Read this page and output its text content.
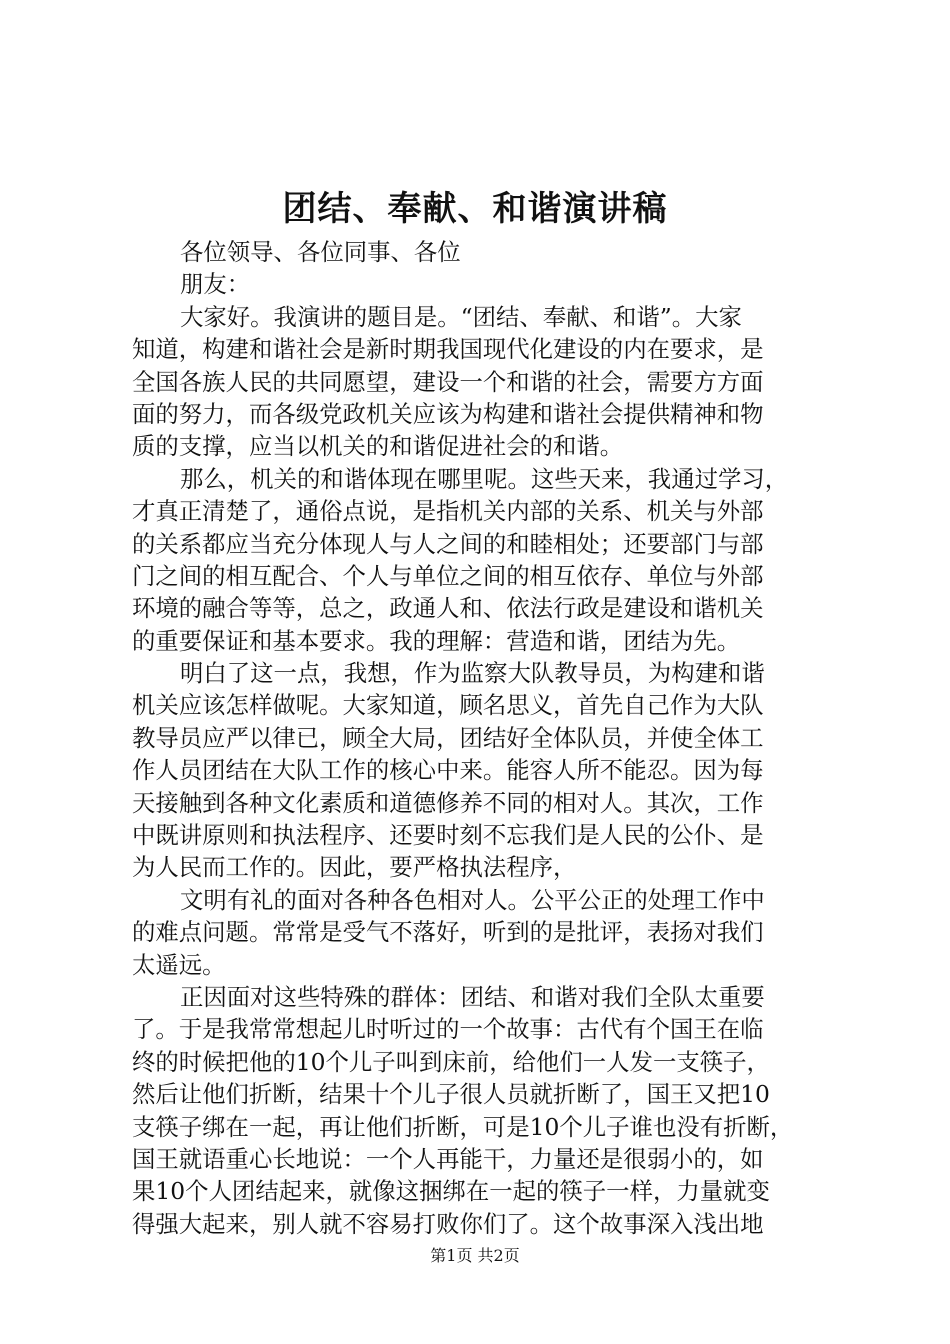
团结、奉献、和谐演讲稿
各位领导、各位同事、各位
朋友：
大家好。我演讲的题目是。“团结、奉献、和谐”。大家
知道，构建和谐社会是新时期我国现代化建设的内在要求，是
全国各族人民的共同愿望，建设一个和谐的社会，需要方方面
面的努力，而各级党政机关应该为构建和谐社会提供精神和物
质的支撑，应当以机关的和谐促进社会的和谐。
那么，机关的和谐体现在哪里呢。这些天来，我通过学习，
才真正清楚了，通俗点说，是指机关内部的关系、机关与外部
的关系都应当充分体现人与人之间的和睦相处；还要部门与部
门之间的相互配合、个人与单位之间的相互依存、单位与外部
环境的融合等等，总之，政通人和、依法行政是建设和谐机关
的重要保证和基本要求。我的理解：营造和谐，团结为先。
明白了这一点，我想，作为监察大队教导员，为构建和谐
机关应该怎样做呢。大家知道，顾名思义，首先自己作为大队
教导员应严以律已，顾全大局，团结好全体队员，并使全体工
作人员团结在大队工作的核心中来。能容人所不能忍。因为每
天接触到各种文化素质和道德修养不同的相对人。其次，工作
中既讲原则和执法程序、还要时刻不忘我们是人民的公仆、是
为人民而工作的。因此，要严格执法程序，
文明有礼的面对各种各色相对人。公平公正的处理工作中
的难点问题。常常是受气不落好，听到的是批评，表扬对我们
太遥远。
正因面对这些特殊的群体：团结、和谐对我们全队太重要
了。于是我常常想起儿时听过的一个故事：古代有个国王在临
终的时候把他的10个儿子叫到床前，给他们一人发一支筷子，
然后让他们折断，结果十个儿子很人员就折断了，国王又把10
支筷子绑在一起，再让他们折断，可是10个儿子谁也没有折断，
国王就语重心长地说：一个人再能干，力量还是很弱小的，如
果10个人团结起来，就像这捆绑在一起的筷子一样，力量就变
得强大起来，别人就不容易打败你们了。这个故事深入浅出地
第1页 共2页
